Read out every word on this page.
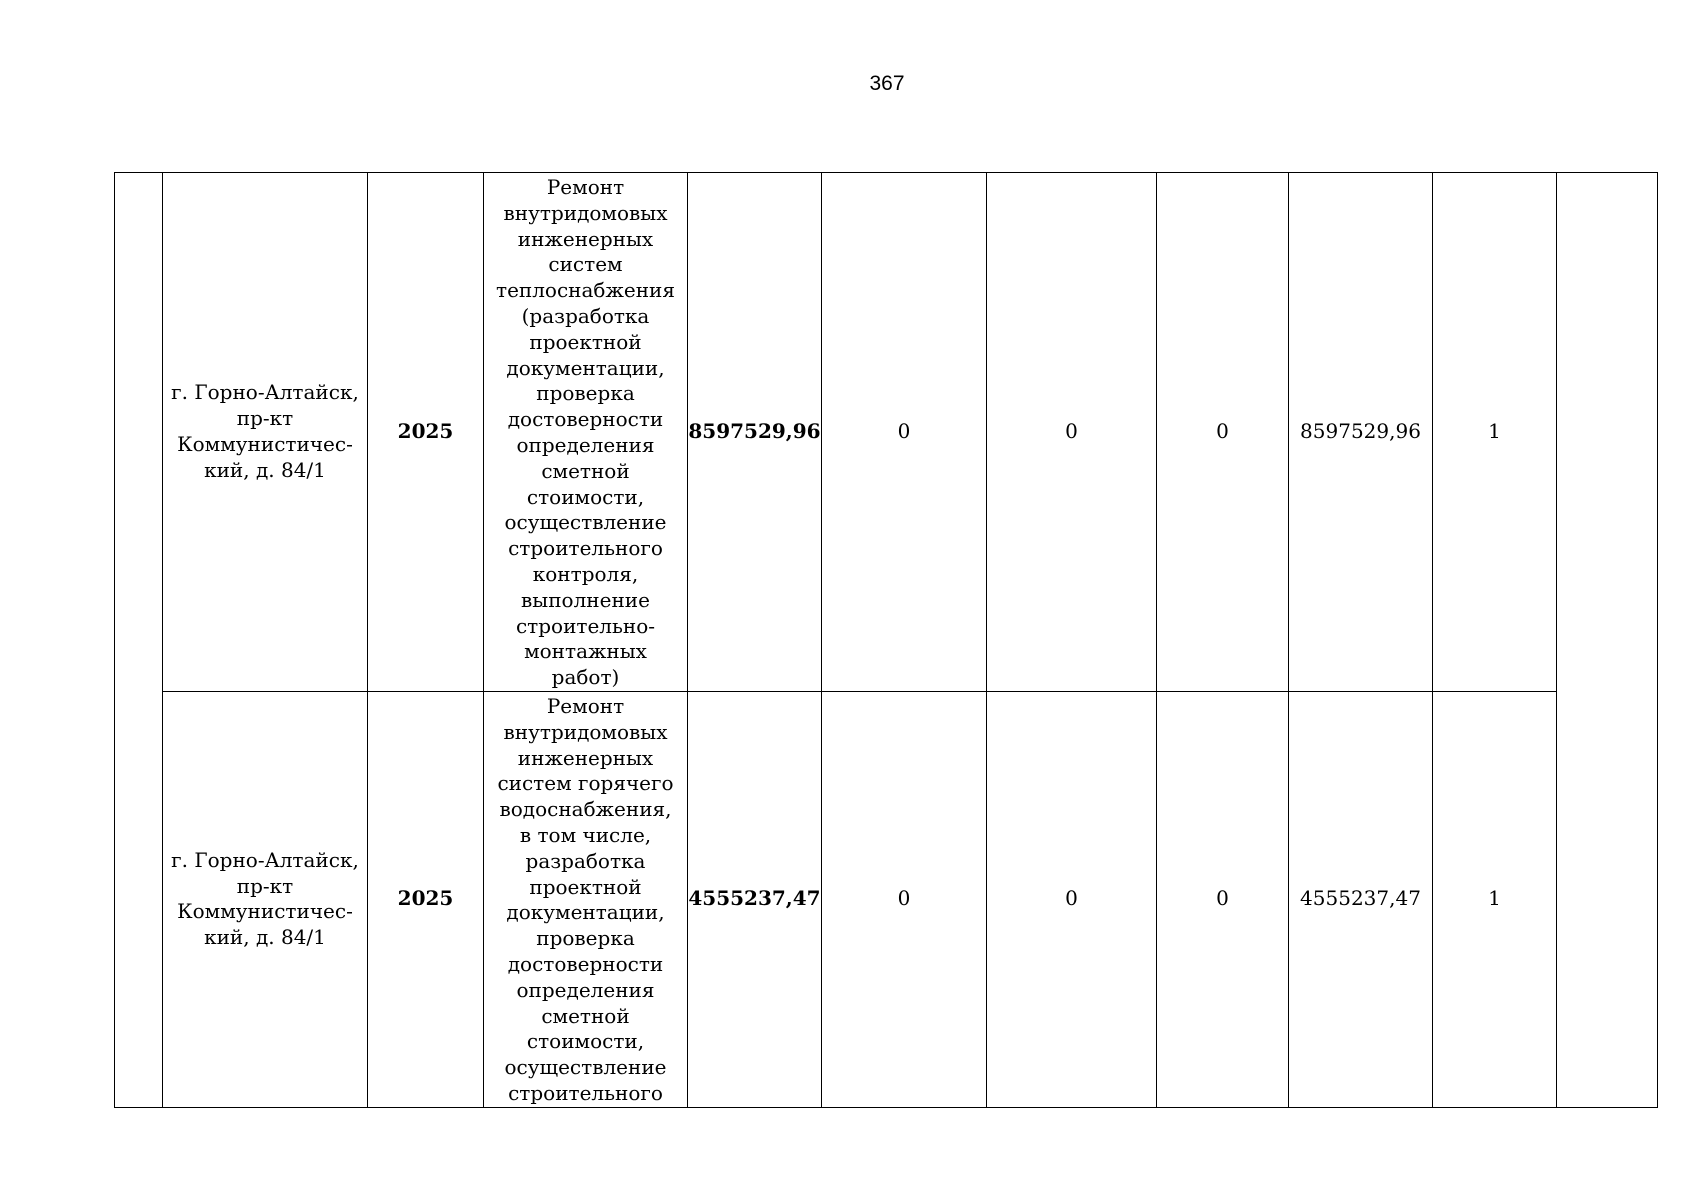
367
	г. Горно-Алтайск, пр-кт Коммунистичес-кий, д. 84/1	2025	Ремонт внутридомовых инженерных систем теплоснабжения (разработка проектной документации, проверка достоверности определения сметной стоимости, осуществление строительного контроля, выполнение строительно-монтажных работ)	8597529,96	0	0	0	8597529,96	1	
	г. Горно-Алтайск, пр-кт Коммунистичес-кий, д. 84/1	2025	Ремонт внутридомовых инженерных систем горячего водоснабжения, в том числе, разработка проектной документации, проверка достоверности определения сметной стоимости, осуществление строительного	4555237,47	0	0	0	4555237,47	1	
